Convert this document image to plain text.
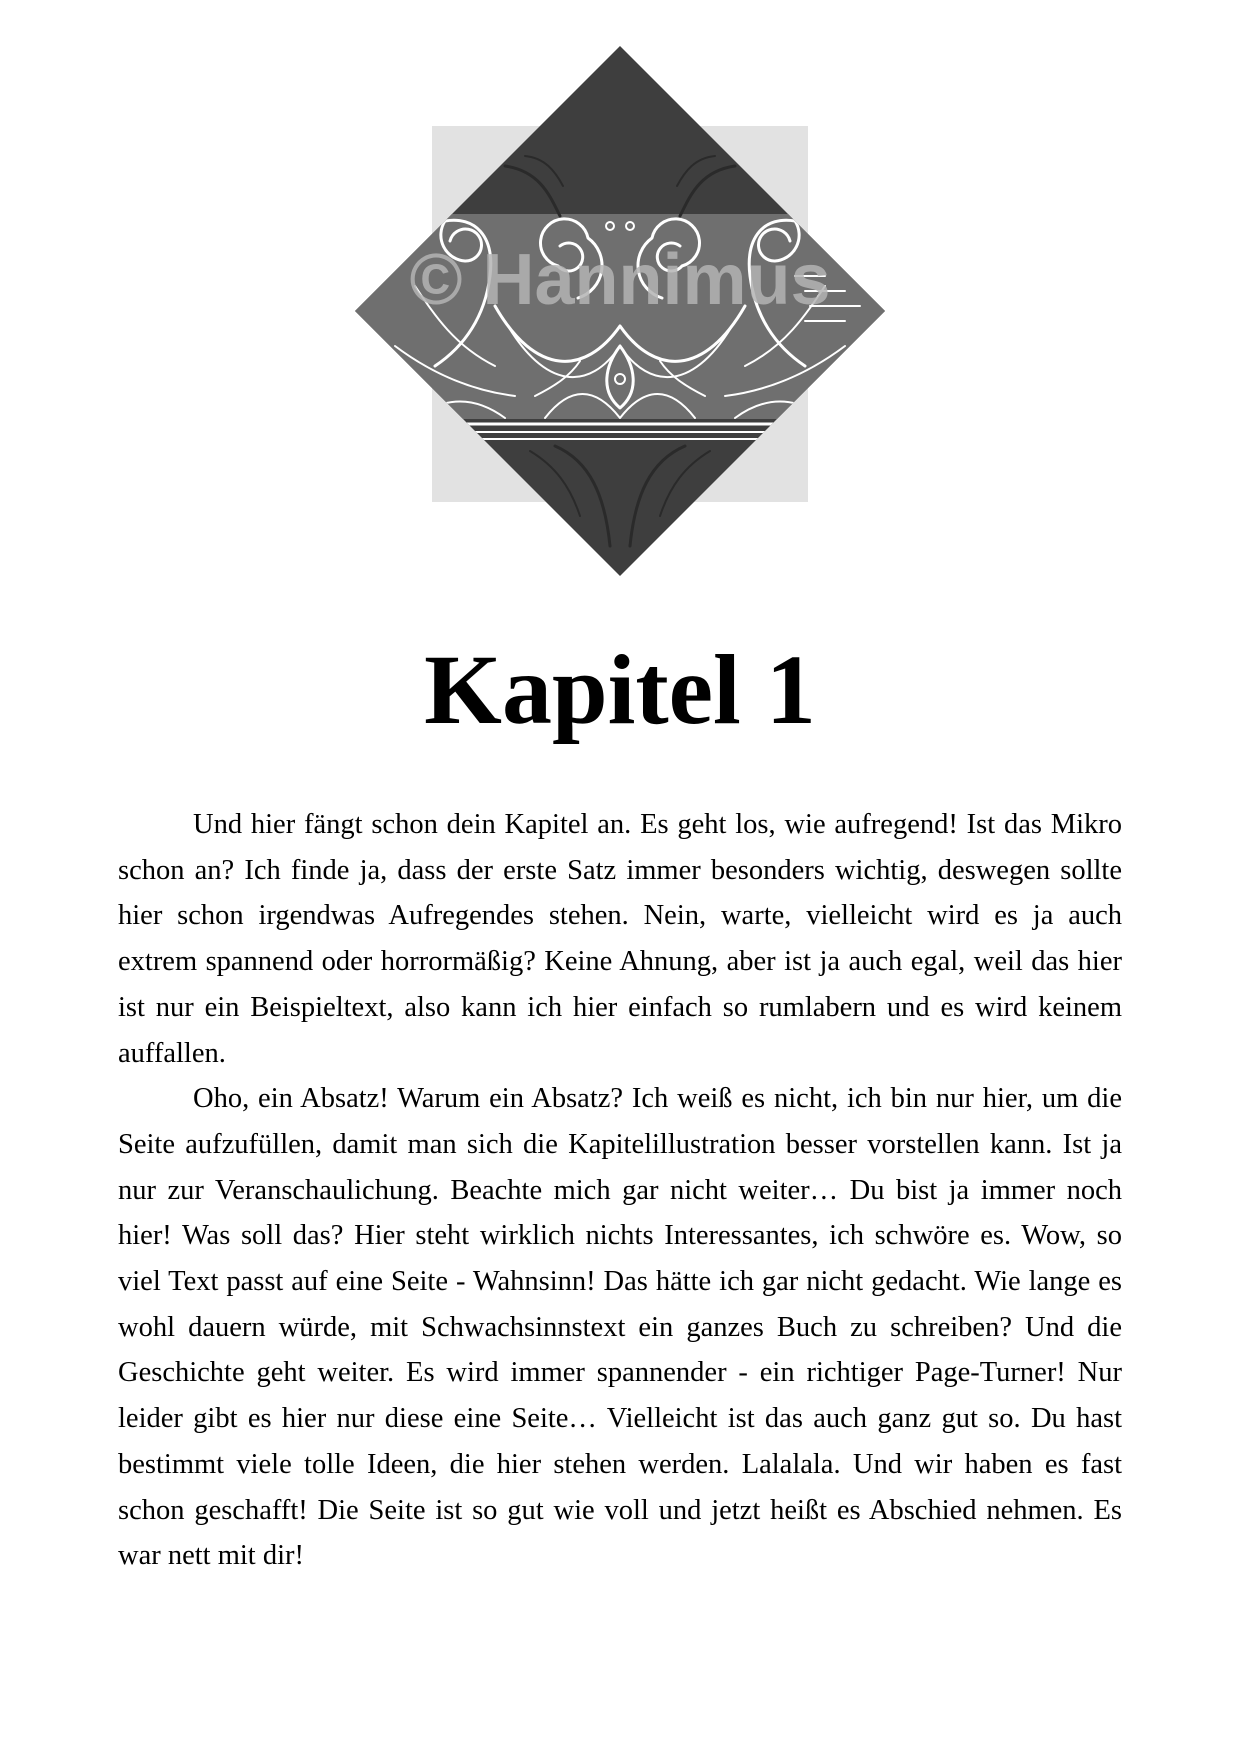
© Hannimus
Kapitel 1

Und hier fängt schon dein Kapitel an. Es geht los, wie aufregend! Ist das Mikro schon an? Ich finde ja, dass der erste Satz immer besonders wichtig, deswegen sollte hier schon irgendwas Aufregendes stehen. Nein, warte, vielleicht wird es ja auch extrem spannend oder horrormäßig? Keine Ahnung, aber ist ja auch egal, weil das hier ist nur ein Beispieltext, also kann ich hier einfach so rumlabern und es wird keinem auffallen.

Oho, ein Absatz! Warum ein Absatz? Ich weiß es nicht, ich bin nur hier, um die Seite aufzufüllen, damit man sich die Kapitelillustration besser vorstellen kann. Ist ja nur zur Veranschaulichung. Beachte mich gar nicht weiter… Du bist ja immer noch hier! Was soll das? Hier steht wirklich nichts Interessantes, ich schwöre es. Wow, so viel Text passt auf eine Seite - Wahnsinn! Das hätte ich gar nicht gedacht. Wie lange es wohl dauern würde, mit Schwachsinnstext ein ganzes Buch zu schreiben? Und die Geschichte geht weiter. Es wird immer spannender - ein richtiger Page-Turner! Nur leider gibt es hier nur diese eine Seite… Vielleicht ist das auch ganz gut so. Du hast bestimmt viele tolle Ideen, die hier stehen werden. Lalalala. Und wir haben es fast schon geschafft! Die Seite ist so gut wie voll und jetzt heißt es Abschied nehmen. Es war nett mit dir!
